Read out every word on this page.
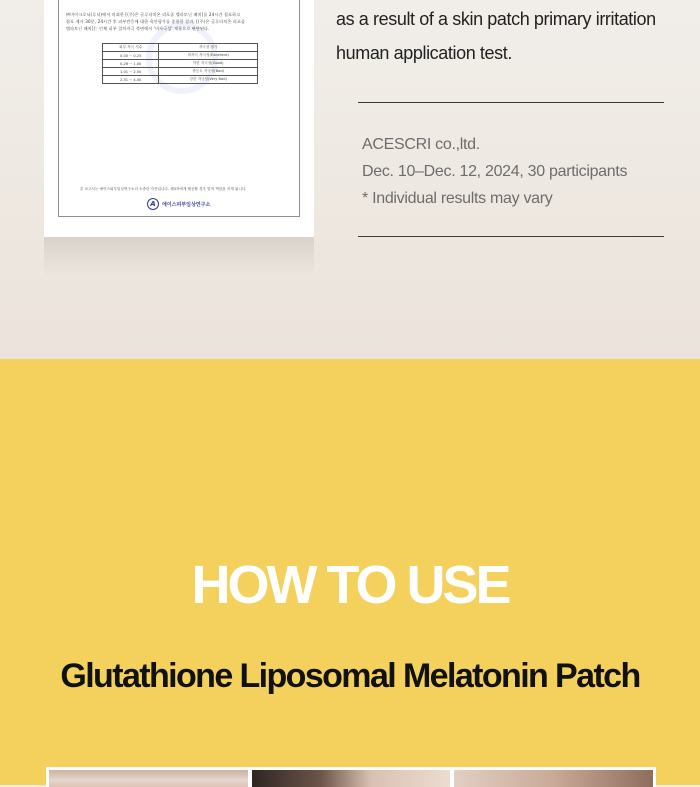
㈜마이크로닉(루닉)에서 의뢰한 [(주)은 글루타치온 리포좀 멜라토닌 패치]를 24시간 접포하고
접포 제거 30분, 24시간 후 피부반응에 대한 육안평가를 종합한 결과, [(주)은 글루타치온 리포좀
멜라토닌 패치]는 인체 피부 일차자극 측면에서 '비자극성' 제품으로 판단된다.
피부 자극 지수	자극성 평가
0.00 ~ 0.25	비자극 자극성(Excellent)
0.26 ~ 1.00	약한 자극성(Good)
1.01 ~ 2.50	중등도 자극성(Bad)
2.51 ~ 4.00	강한 자극성(Very Bad)
본 보고서는 에이스피부임상연구소의 소중한 자산입니다. 제3자에게 제공할 경우 법적 책임을 지게 됩니다.
A	에이스피부임상연구소
as a result of a skin patch primary irritation
human application test.
ACESCRI co.,ltd.
Dec. 10–Dec. 12, 2024, 30 participants
* Individual results may vary
HOW TO USE
Glutathione Liposomal Melatonin Patch
